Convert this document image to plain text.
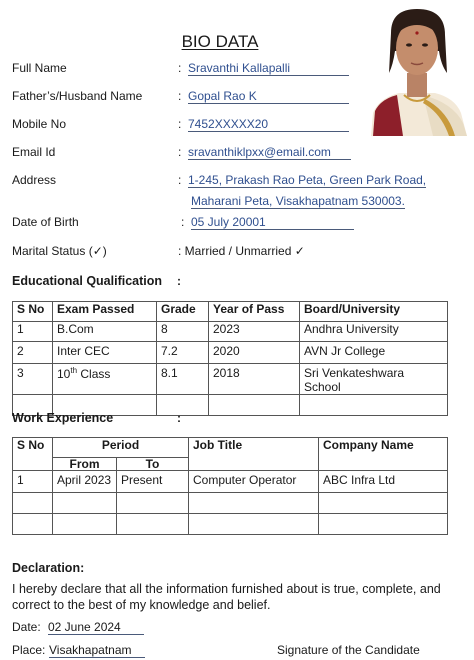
BIO DATA
Full Name	: Sravanthi Kallapalli
Father’s/Husband Name	: Gopal Rao K
Mobile No	: 7452XXXXX20
Email Id	: sravanthiklpxx@email.com
Address	: 1-245, Prakash Rao Peta, Green Park Road,
Maharani Peta, Visakhapatnam 530003.
Date of Birth	: 05 July 20001
Marital Status (✓)	: Married / Unmarried ✓
Educational Qualification :
S No	Exam Passed	Grade	Year of Pass	Board/University
1	B.Com	8	2023	Andhra University
2	Inter CEC	7.2	2020	AVN Jr College
3	10th Class	8.1	2018	Sri Venkateshwara School

Work Experience	:
S No	Period		Job Title	Company Name
	From	To		
1	April 2023	Present	Computer Operator	ABC Infra Ltd

Declaration:
I hereby declare that all the information furnished about is true, complete, and
correct to the best of my knowledge and belief.
Date: 02 June 2024
Place: Visakhapatnam	Signature of the Candidate
